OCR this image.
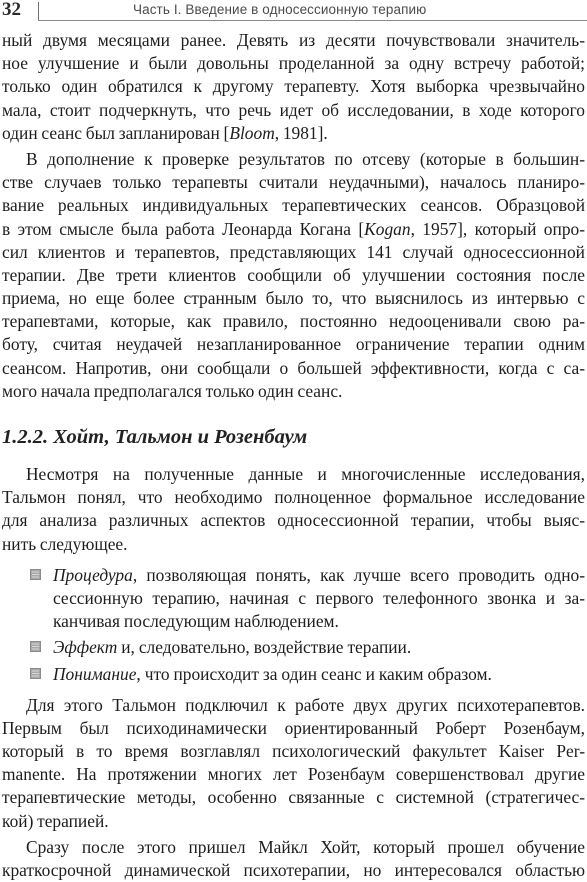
32	Часть I. Введение в односессионную терапию
ный двумя месяцами ранее. Девять из десяти почувствовали значитель-
ное улучшение и были довольны проделанной за одну встречу работой;
только один обратился к другому терапевту. Хотя выборка чрезвычайно
мала, стоит подчеркнуть, что речь идет об исследовании, в ходе которого
один сеанс был запланирован [Bloom, 1981].
В дополнение к проверке результатов по отсеву (которые в большин-
стве случаев только терапевты считали неудачными), началось планиро-
вание реальных индивидуальных терапевтических сеансов. Образцовой
в этом смысле была работа Леонарда Когана [Kogan, 1957], который опро-
сил клиентов и терапевтов, представляющих 141 случай односессионной
терапии. Две трети клиентов сообщили об улучшении состояния после
приема, но еще более странным было то, что выяснилось из интервью с
терапевтами, которые, как правило, постоянно недооценивали свою ра-
боту, считая неудачей незапланированное ограничение терапии одним
сеансом. Напротив, они сообщали о большей эффективности, когда с са-
мого начала предполагался только один сеанс.
1.2.2. Хойт, Тальмон и Розенбаум
Несмотря на полученные данные и многочисленные исследования,
Тальмон понял, что необходимо полноценное формальное исследование
для анализа различных аспектов односессионной терапии, чтобы выяс-
нить следующее.
Процедура, позволяющая понять, как лучше всего проводить одно-
сессионную терапию, начиная с первого телефонного звонка и за-
канчивая последующим наблюдением.
Эффект и, следовательно, воздействие терапии.
Понимание, что происходит за один сеанс и каким образом.
Для этого Тальмон подключил к работе двух других психотерапевтов.
Первым был психодинамически ориентированный Роберт Розенбаум,
который в то время возглавлял психологический факультет Kaiser Per-
manente. На протяжении многих лет Розенбаум совершенствовал другие
терапевтические методы, особенно связанные с системной (стратегичес-
кой) терапией.
Сразу после этого пришел Майкл Хойт, который прошел обучение
краткосрочной динамической психотерапии, но интересовался областью
